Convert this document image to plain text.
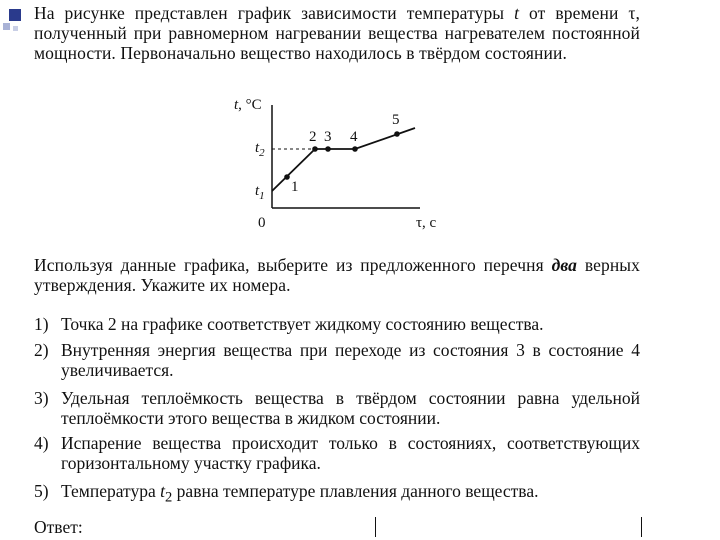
На рисунке представлен график зависимости температуры t от времени τ, полученный при равномерном нагревании вещества нагревателем постоянной мощности. Первоначально вещество находилось в твёрдом состоянии.
t, °C
τ, с
0
$t_1$
$t_2$
1
2 3 4
5
Используя данные графика, выберите из предложенного перечня два верных утверждения. Укажите их номера.
1) Точка 2 на графике соответствует жидкому состоянию вещества.
2) Внутренняя энергия вещества при переходе из состояния 3 в состояние 4 увеличивается.
3) Удельная теплоёмкость вещества в твёрдом состоянии равна удельной теплоёмкости этого вещества в жидком состоянии.
4) Испарение вещества происходит только в состояниях, соответствующих горизонтальному участку графика.
5) Температура $t_2$ равна температуре плавления данного вещества.
Ответ:
